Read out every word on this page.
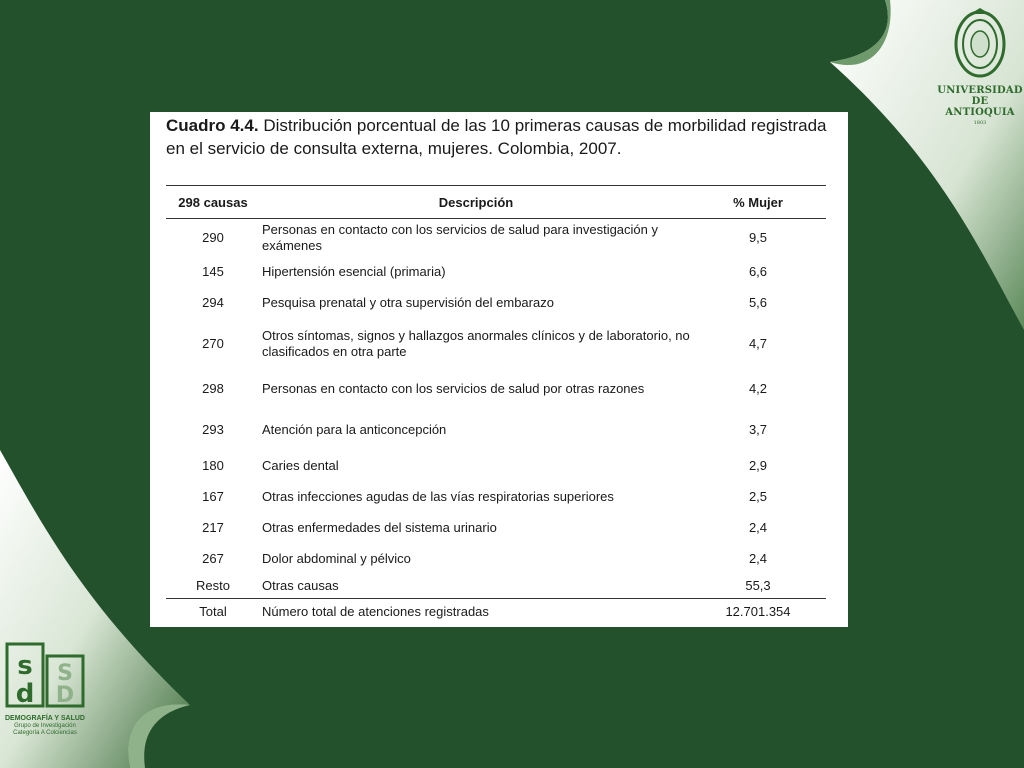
UNIVERSIDAD
DE ANTIOQUIA
1803
Cuadro 4.4. Distribución porcentual de las 10 primeras causas de morbilidad registrada en el servicio de consulta externa, mujeres. Colombia, 2007.
298 causas	Descripción	% Mujer
290	Personas en contacto con los servicios de salud para investigación y exámenes	9,5
145	Hipertensión esencial (primaria)	6,6
294	Pesquisa prenatal y otra supervisión del embarazo	5,6
270	Otros síntomas, signos y hallazgos anormales clínicos y de laboratorio, no clasificados en otra parte	4,7
298	Personas en contacto con los servicios de salud por otras razones	4,2
293	Atención para la anticoncepción	3,7
180	Caries dental	2,9
167	Otras infecciones agudas de las vías respiratorias superiores	2,5
217	Otras enfermedades del sistema urinario	2,4
267	Dolor abdominal y pélvico	2,4
Resto	Otras causas	55,3
Total	Número total de atenciones registradas	12.701.354
s
d
S
D
DEMOGRAFÍA Y SALUD
Grupo de Investigación
Categoría A Colciencias
